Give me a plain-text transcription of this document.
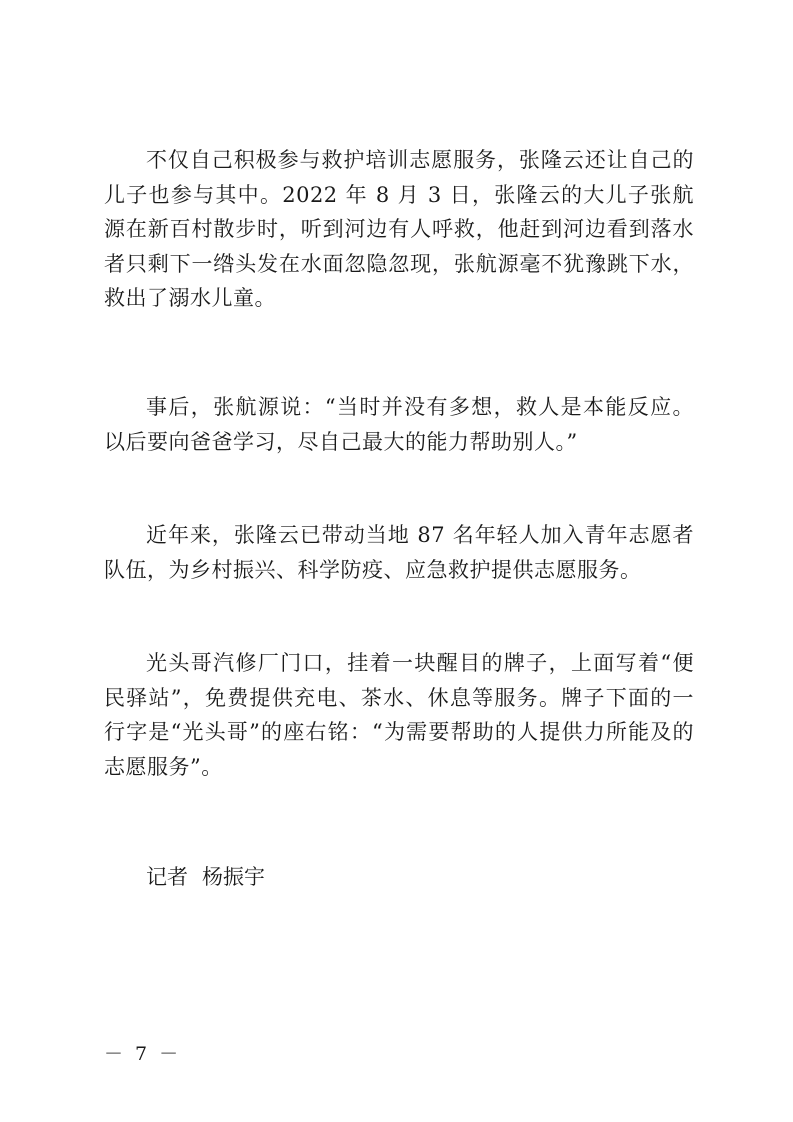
不仅自己积极参与救护培训志愿服务，张隆云还让自己的儿子也参与其中。2022 年 8 月 3 日，张隆云的大儿子张航源在新百村散步时，听到河边有人呼救，他赶到河边看到落水者只剩下一绺头发在水面忽隐忽现，张航源毫不犹豫跳下水，救出了溺水儿童。

事后，张航源说：“当时并没有多想，救人是本能反应。以后要向爸爸学习，尽自己最大的能力帮助别人。”

近年来，张隆云已带动当地 87 名年轻人加入青年志愿者队伍，为乡村振兴、科学防疫、应急救护提供志愿服务。

光头哥汽修厂门口，挂着一块醒目的牌子，上面写着“便民驿站”，免费提供充电、茶水、休息等服务。牌子下面的一行字是“光头哥”的座右铭：“为需要帮助的人提供力所能及的志愿服务”。

记者 杨振宇

－ 7 －
